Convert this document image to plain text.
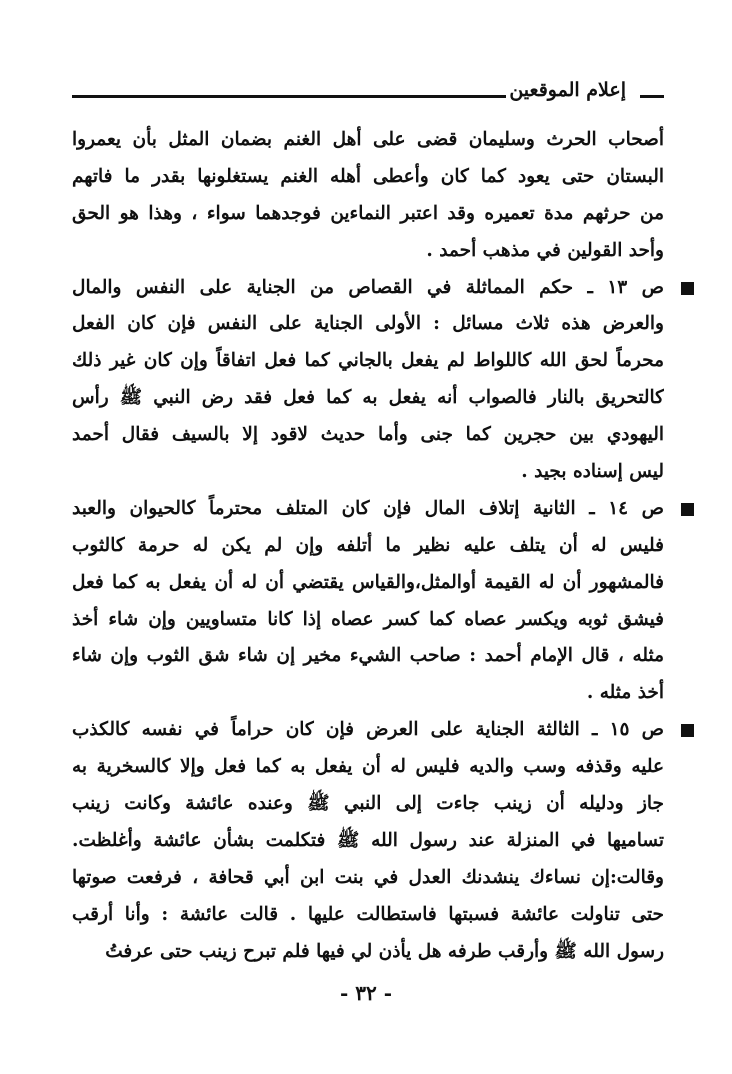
إعلام الموقعين
أصحاب الحرث وسليمان قضى على أهل الغنم بضمان المثل بأن يعمروا
البستان حتى يعود كما كان وأعطى أهله الغنم يستغلونها بقدر ما فاتهم
من حرثهم مدة تعميره وقد اعتبر النماءين فوجدهما سواء ، وهذا هو الحق
وأحد القولين في مذهب أحمد .
ص ١٣ ـ حكم المماثلة في القصاص من الجناية على النفس والمال
والعرض هذه ثلاث مسائل : الأولى الجناية على النفس فإن كان الفعل
محرماً لحق الله كاللواط لم يفعل بالجاني كما فعل اتفاقاً وإن كان غير ذلك
كالتحريق بالنار فالصواب أنه يفعل به كما فعل فقد رض النبي ﷺ رأس
اليهودي بين حجرين كما جنى وأما حديث لاقود إلا بالسيف فقال أحمد
ليس إسناده بجيد .
ص ١٤ ـ الثانية إتلاف المال فإن كان المتلف محترماً كالحيوان والعبد
فليس له أن يتلف عليه نظير ما أتلفه وإن لم يكن له حرمة كالثوب
فالمشهور أن له القيمة أوالمثل،والقياس يقتضي أن له أن يفعل به كما فعل
فيشق ثوبه ويكسر عصاه كما كسر عصاه إذا كانا متساويين وإن شاء أخذ
مثله ، قال الإمام أحمد : صاحب الشيء مخير إن شاء شق الثوب وإن شاء
أخذ مثله .
ص ١٥ ـ الثالثة الجناية على العرض فإن كان حراماً في نفسه كالكذب
عليه وقذفه وسب والديه فليس له أن يفعل به كما فعل وإلا كالسخرية به
جاز ودليله أن زينب جاءت إلى النبي ﷺ وعنده عائشة وكانت زينب
تساميها في المنزلة عند رسول الله ﷺ فتكلمت بشأن عائشة وأغلظت.
وقالت:إن نساءك ينشدنك العدل في بنت ابن أبي قحافة ، فرفعت صوتها
حتى تناولت عائشة فسبتها فاستطالت عليها . قالت عائشة : وأنا أرقب
رسول الله ﷺ وأرقب طرفه هل يأذن لي فيها فلم تبرح زينب حتى عرفتُ
- ٣٢ -
